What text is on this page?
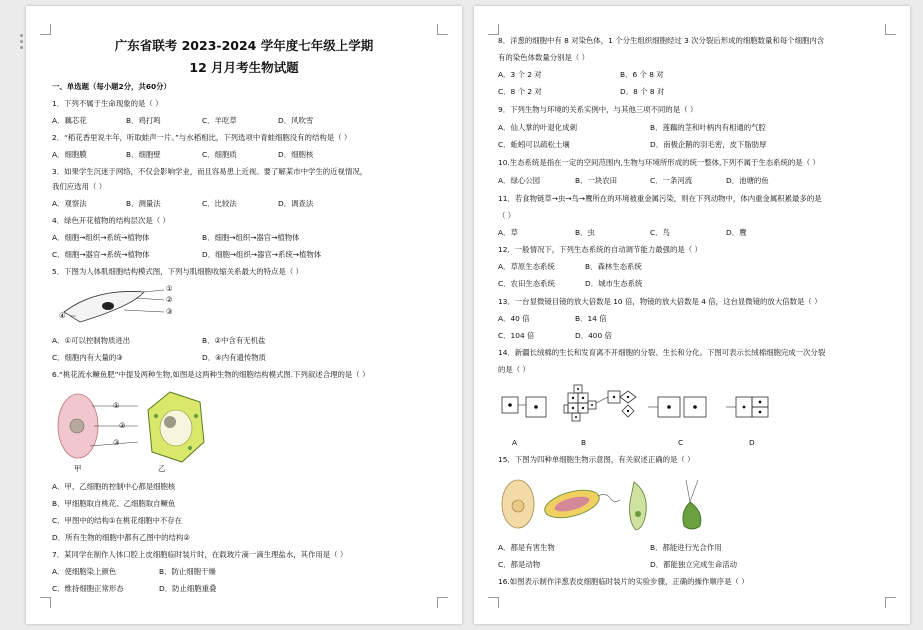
广东省联考 2023-2024 学年度七年级上学期
12 月月考生物试题
一、单选题（每小题2分，共60分）
1．下列不属于生命现象的是（ ）
A．藕芯花	B．鸡打鸣	C．羊吃草	D．风吹雪
2．“稻花香里说丰年，听取蛙声一片。”与水稻相比，下列选项中青蛙细胞没有的结构是（ ）
A．细胞膜	B．细胞壁	C．细胞质	D．细胞核
3．如果学生沉迷于网络，不仅会影响学业，而且容易患上近视。要了解某市中学生的近视情况，
我们应选用（ ）
A．观察法	B．测量法	C．比较法	D．调查法
4．绿色开花植物的结构层次是（ ）
A．细胞→组织→系统→植物体	B．细胞→组织→器官→植物体
C．细胞→器官→系统→植物体	D．细胞→组织→器官→系统→植物体
5．下图为人体肌细胞结构模式图，下列与肌细胞收缩关系最大的特点是（ ）
①
②
③
④
A．①可以控制物质进出	B．②中含有无机盐
C．细胞内有大量的③	D．④内有遗传物质
6.“桃花流水鳜鱼肥”中提及两种生物,如图是这两种生物的细胞结构模式图.下列叙述合理的是（ ）
①
②
③
甲	乙
A．甲、乙细胞的控制中心都是细胞核
B．甲细胞取自桃花、乙细胞取自鳜鱼
C．甲图中的结构①在桃花细胞中不存在
D．所有生物的细胞中都有乙图中的结构②
7．某同学在制作人体口腔上皮细胞临时装片时，在载玻片滴一滴生理盐水，其作用是（ ）
A．使细胞染上颜色	B．防止细胞干燥
C．维持细胞正常形态	D．防止细胞重叠
8．洋葱的细胞中有 8 对染色体，1 个分生组织细胞经过 3 次分裂后形成的细胞数量和每个细胞内含
有的染色体数量分别是（ ）
A．3 个 2 对	B．6 个 8 对
C．8 个 2 对	D．8 个 8 对
9．下列生物与环境的关系实例中，与其他三项不同的是（ ）
A．仙人掌的叶退化成刺	B．莲藕的茎和叶柄内有相通的气腔
C．蚯蚓可以疏松土壤	D．南极企鹅的羽毛密，皮下脂肪厚
10.生态系统是指在一定的空间范围内,生物与环境所形成的统一整体,下列不属于生态系统的是（ ）
A．绿心公园	B．一块农田	C．一条河流	D．池塘的鱼
11．若食物链草→虫→鸟→鹰所在的环境被重金属污染，则在下列动物中，体内重金属积累最多的是
（ ）
A．草	B．虫	C．鸟	D．鹰
12．一般情况下，下列生态系统的自动调节能力最强的是（ ）
A．草原生态系统	B．森林生态系统
C．农田生态系统	D．城市生态系统
13．一台显微镜目镜的放大倍数是 10 倍，物镜的放大倍数是 4 倍，这台显微镜的放大倍数是（ ）
A．40 倍	B．14 倍
C．104 倍	D．400 倍
14．新疆长绒棉的生长和发育离不开细胞的分裂、生长和分化。下图可表示长绒棉细胞完成一次分裂
的是（ ）
A	B	C	D
15．下图为四种单细胞生物示意图，有关叙述正确的是（ ）
A．都是有害生物	B．都能进行光合作用
C．都是动物	D．都能独立完成生命活动
16.如图表示制作洋葱表皮细胞临时装片的实验步骤，正确的操作顺序是（ ）
